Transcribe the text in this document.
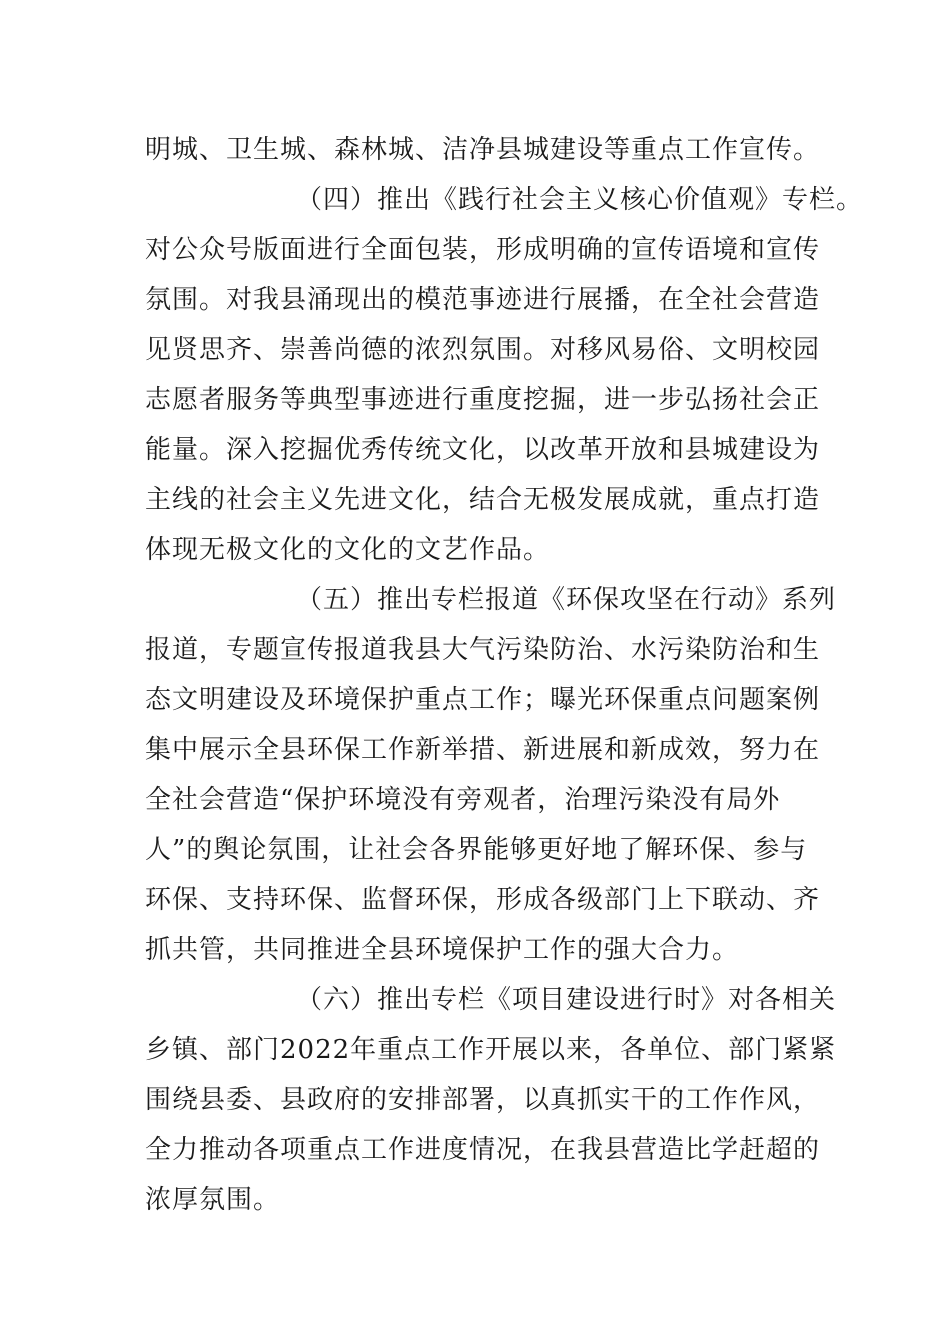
明城、卫生城、森林城、洁净县城建设等重点工作宣传。

（四）推出《践行社会主义核心价值观》专栏。

对公众号版面进行全面包装，形成明确的宣传语境和宣传

氛围。对我县涌现出的模范事迹进行展播，在全社会营造

见贤思齐、崇善尚德的浓烈氛围。对移风易俗、文明校园

志愿者服务等典型事迹进行重度挖掘，进一步弘扬社会正

能量。深入挖掘优秀传统文化，以改革开放和县城建设为

主线的社会主义先进文化，结合无极发展成就，重点打造

体现无极文化的文化的文艺作品。

（五）推出专栏报道《环保攻坚在行动》系列

报道，专题宣传报道我县大气污染防治、水污染防治和生

态文明建设及环境保护重点工作；曝光环保重点问题案例

集中展示全县环保工作新举措、新进展和新成效，努力在

全社会营造“保护环境没有旁观者，治理污染没有局外

人”的舆论氛围，让社会各界能够更好地了解环保、参与

环保、支持环保、监督环保，形成各级部门上下联动、齐

抓共管，共同推进全县环境保护工作的强大合力。

（六）推出专栏《项目建设进行时》对各相关

乡镇、部门2022年重点工作开展以来，各单位、部门紧紧

围绕县委、县政府的安排部署，以真抓实干的工作作风，

全力推动各项重点工作进度情况，在我县营造比学赶超的

浓厚氛围。
